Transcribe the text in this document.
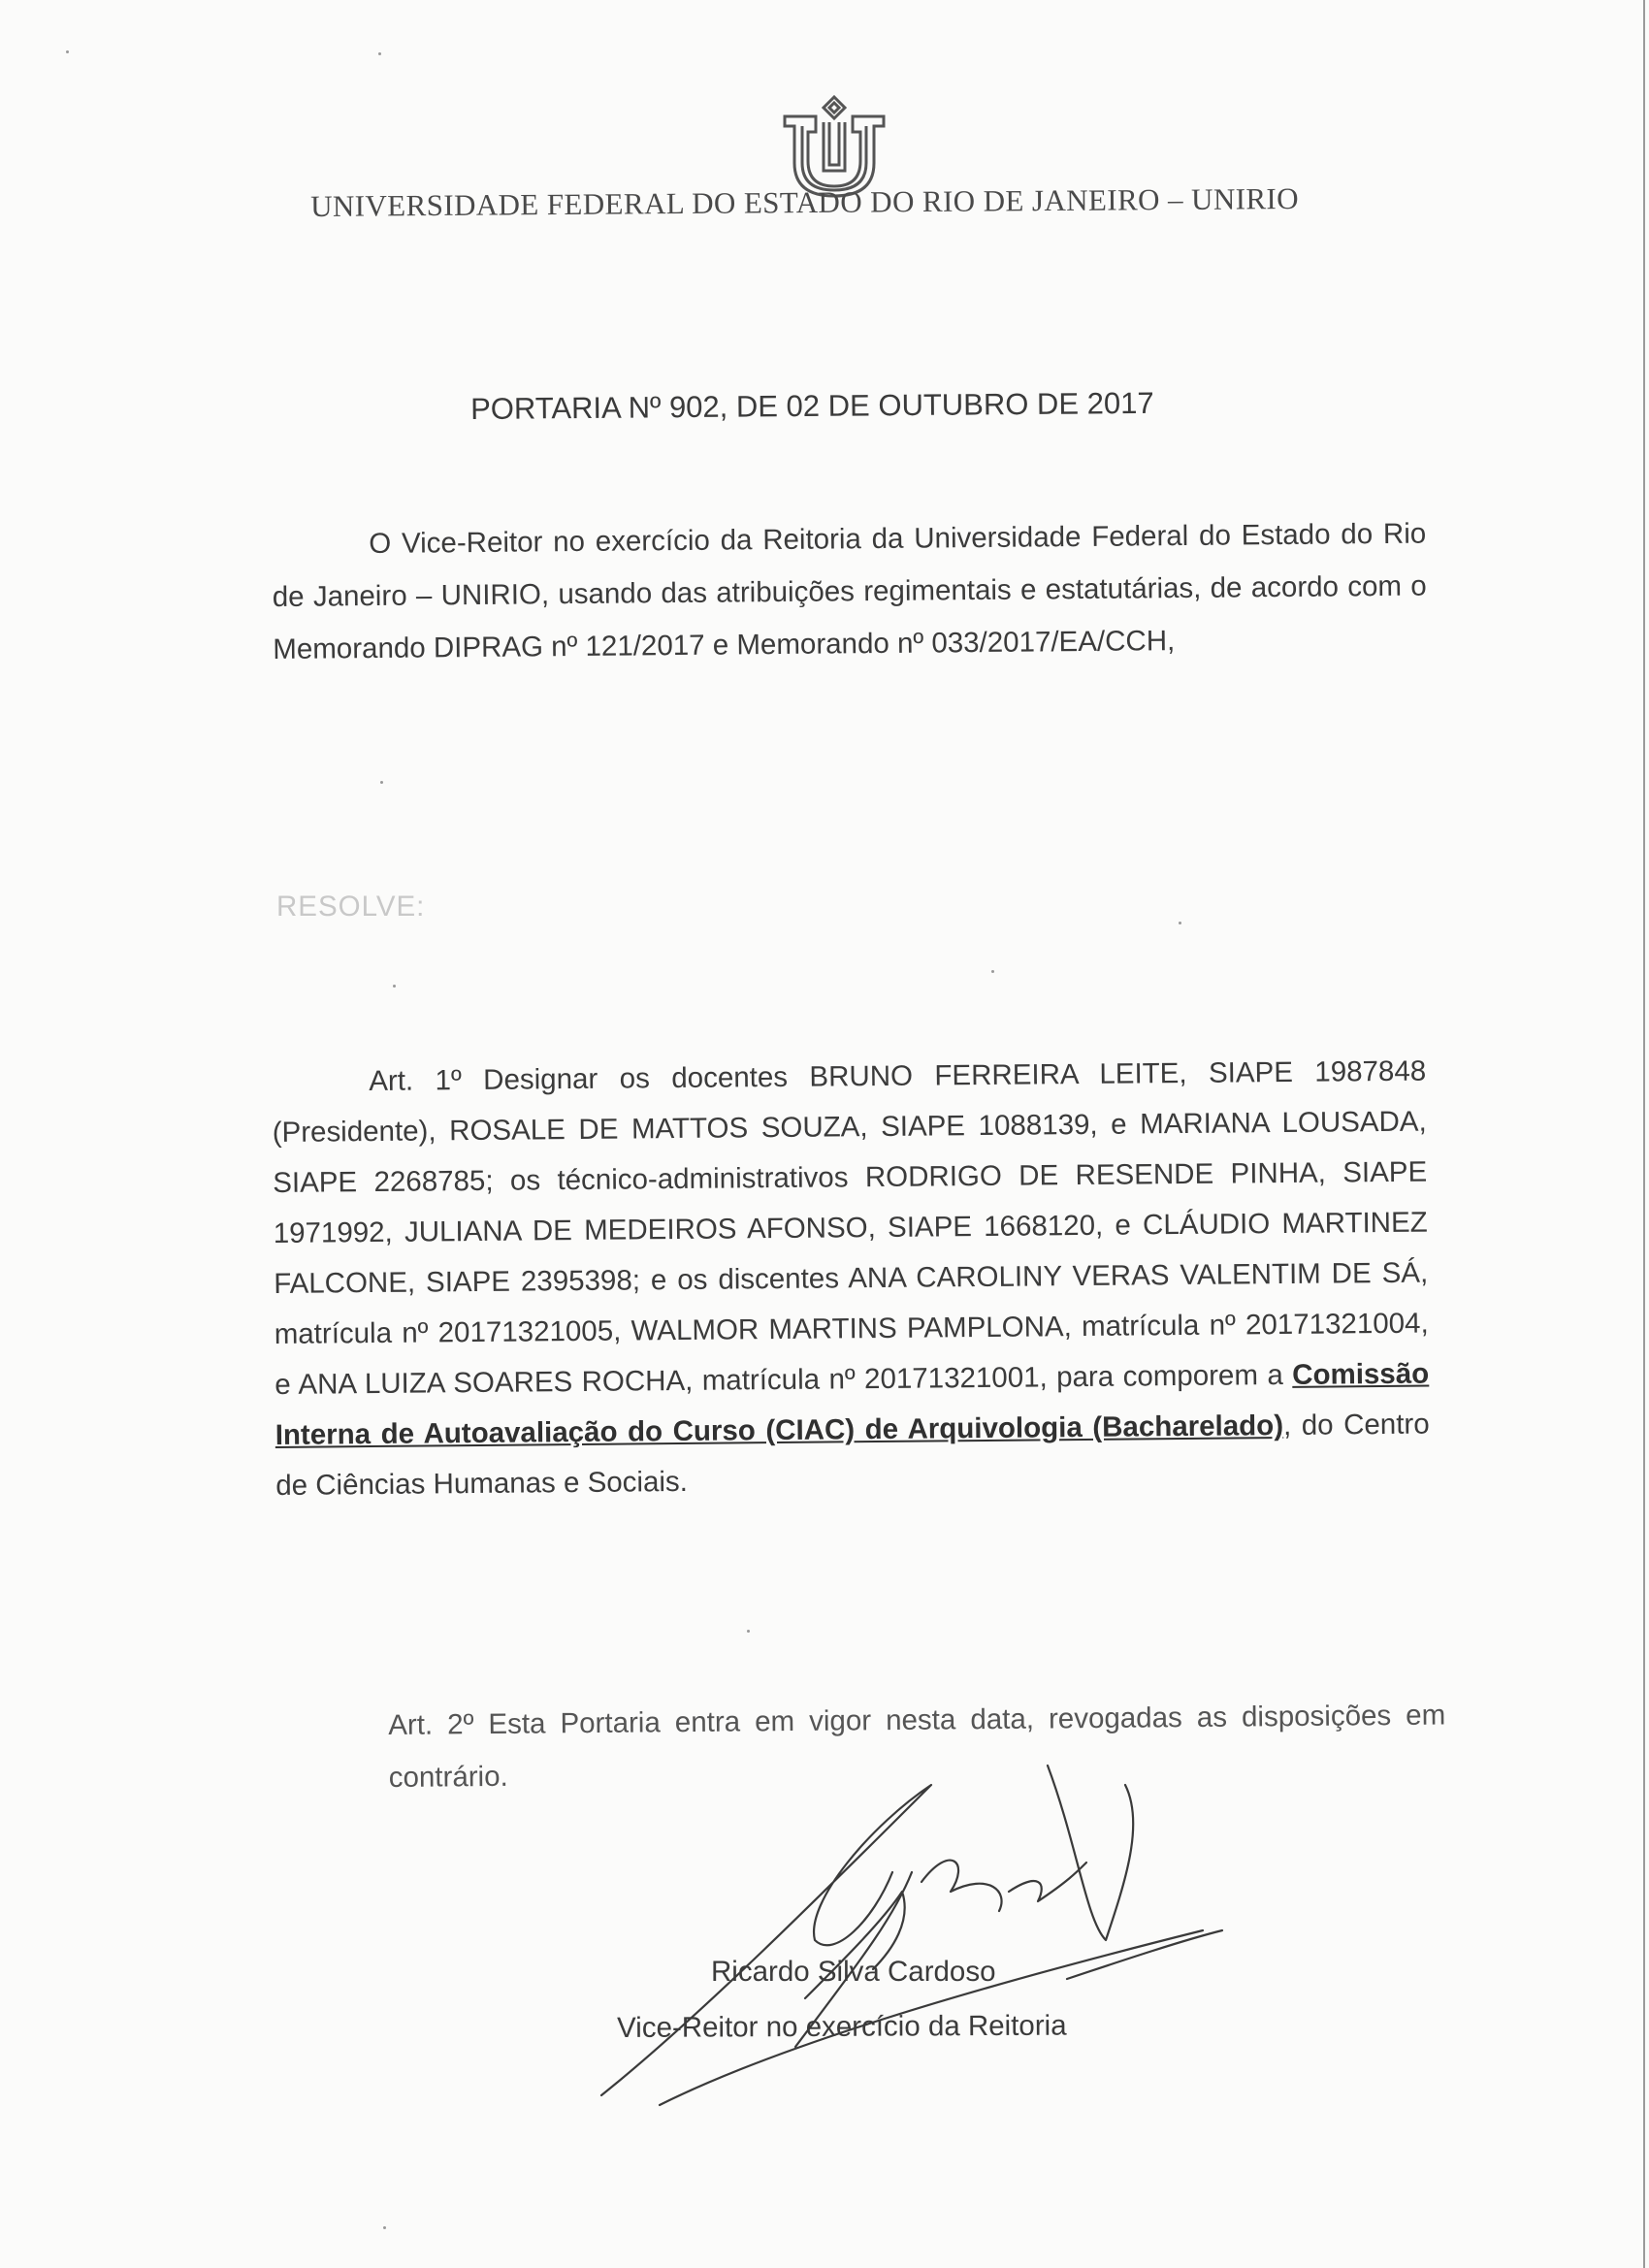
UNIVERSIDADE FEDERAL DO ESTADO DO RIO DE JANEIRO – UNIRIO
PORTARIA Nº 902, DE 02 DE OUTUBRO DE 2017
O Vice-Reitor no exercício da Reitoria da Universidade Federal do Estado do Rio de Janeiro – UNIRIO, usando das atribuições regimentais e estatutárias, de acordo com o Memorando DIPRAG nº 121/2017 e Memorando nº 033/2017/EA/CCH,
RESOLVE:
Art. 1º Designar os docentes BRUNO FERREIRA LEITE, SIAPE 1987848 (Presidente), ROSALE DE MATTOS SOUZA, SIAPE 1088139, e MARIANA LOUSADA, SIAPE 2268785; os técnico-administrativos RODRIGO DE RESENDE PINHA, SIAPE 1971992, JULIANA DE MEDEIROS AFONSO, SIAPE 1668120, e CLÁUDIO MARTINEZ FALCONE, SIAPE 2395398; e os discentes ANA CAROLINY VERAS VALENTIM DE SÁ, matrícula nº 20171321005, WALMOR MARTINS PAMPLONA, matrícula nº 20171321004, e ANA LUIZA SOARES ROCHA, matrícula nº 20171321001, para comporem a Comissão Interna de Autoavaliação do Curso (CIAC) de Arquivologia (Bacharelado), do Centro de Ciências Humanas e Sociais.
Art. 2º Esta Portaria entra em vigor nesta data, revogadas as disposições em contrário.
Ricardo Silva Cardoso
Vice-Reitor no exercício da Reitoria
